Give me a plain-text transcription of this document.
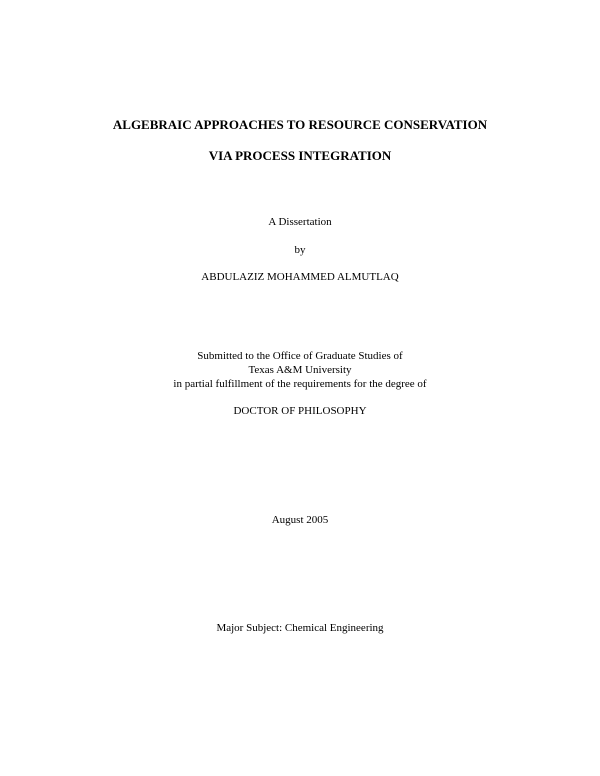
ALGEBRAIC APPROACHES TO RESOURCE CONSERVATION
VIA PROCESS INTEGRATION
A Dissertation
by
ABDULAZIZ MOHAMMED ALMUTLAQ
Submitted to the Office of Graduate Studies of
Texas A&M University
in partial fulfillment of the requirements for the degree of
DOCTOR OF PHILOSOPHY
August 2005
Major Subject: Chemical Engineering
